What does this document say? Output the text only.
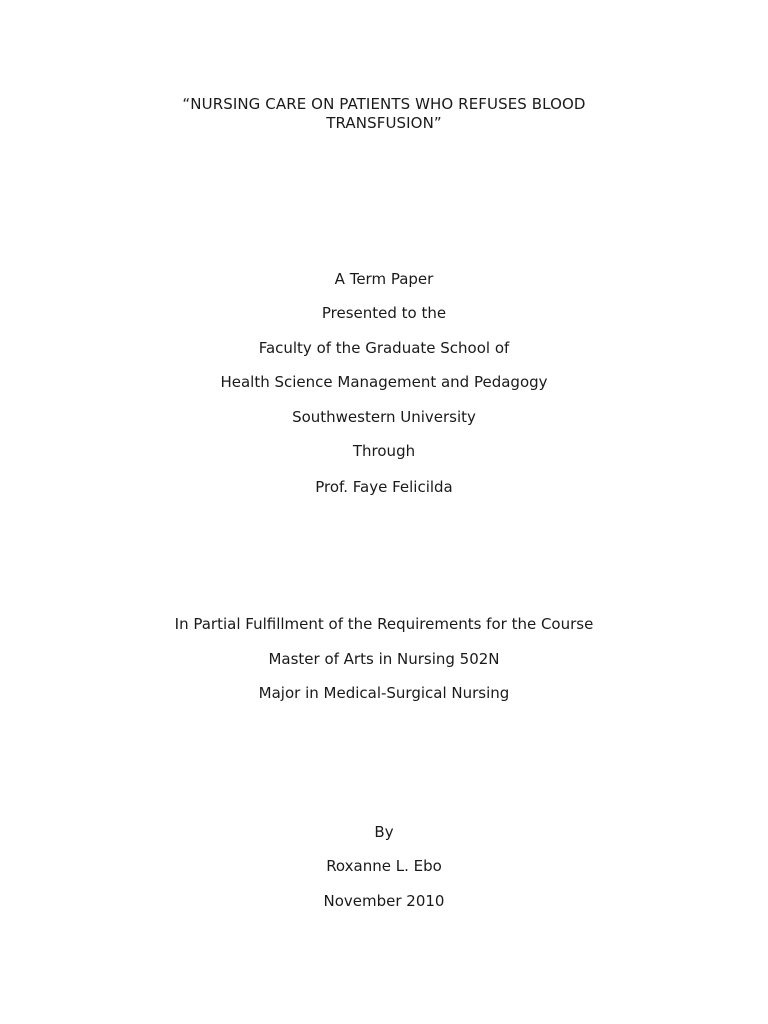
“NURSING CARE ON PATIENTS WHO REFUSES BLOOD
TRANSFUSION”
A Term Paper
Presented to the
Faculty of the Graduate School of
Health Science Management and Pedagogy
Southwestern University
Through
Prof. Faye Felicilda
In Partial Fulfillment of the Requirements for the Course
Master of Arts in Nursing 502N
Major in Medical-Surgical Nursing
By
Roxanne L. Ebo
November 2010
